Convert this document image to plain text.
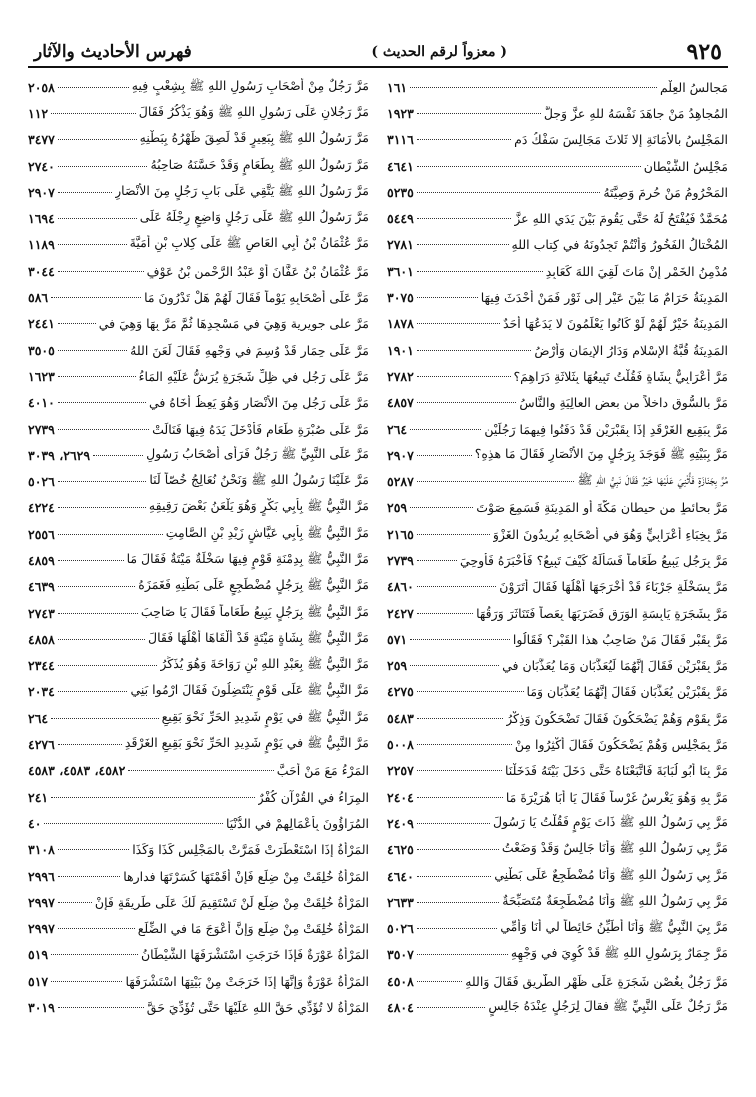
٩٢٥
( معزواً لرقم الحديث )
فهرس الأحاديث والآثار
مَجالسُ العِلْمِ
١٦١
المُجاهِدُ مَنْ جاهَدَ نَفْسَهُ للهِ عزَّ وَجلَّ
١٩٢٣
المَجْلِسُ بالأمَانَةِ إلا ثَلاثَ مَجَالِسَ سَفْكُ دَمٍ
٣١١٦
مَجْلِسُ الشَّيْطانِ
٤٦٤١
المَحْرُومُ مَنْ حُرِمَ وَصِيَّتَهُ
٥٢٣٥
مُحَمَّدٌ فَيُفْتَحُ لَهُ حَتَّى يَقُومَ بَيْنَ يَدَيِ اللهِ عزَّ
٥٤٤٩
المُخْتالُ الفَخُورُ وَأَنْتُمْ تَجِدُونَهُ في كِتابِ اللهِ
٢٧٨١
مُدْمِنُ الخَمْرِ إنْ مَاتَ لَقِيَ اللهَ كَعَابِدِ
٣٦٠١
المَدِينَةُ حَرَامٌ مَا بَيْنَ عَيْرٍ إلى ثَوْرٍ فَمَنْ أَحْدَثَ فِيهَا
٣٠٧٥
المَدِينَةُ خَيْرٌ لَهُمْ لَوْ كَانُوا يَعْلَمُونَ لا يَدَعُهَا أَحَدٌ
١٨٧٨
المَدِينَةُ قُبَّةُ الإسْلامِ وَدَارُ الإيمَانِ وَأَرْضُ
١٩٠١
مَرَّ أَعْرَابِيٌّ بِشَاةٍ فَقُلْتُ تَبِيعُهَا بِثَلاثَةِ دَرَاهِمَ؟
٢٧٨٢
مَرَّ بالسُّوقِ داخلاً من بعضِ العالِيَةِ والنَّاسُ
٤٨٥٧
مَرَّ بِبَقِيعِ الغَرْقَدِ إِذَا بِقَبْرَيْنِ قَدْ دَفَنُوا فِيهِمَا رَجُلَيْنِ
٢٦٤
مَرَّ بِبَيْتِهِ ﷺ فَوَجَدَ بِرَجُلٍ مِنَ الأنْصَارِ فَقَالَ مَا هذِهِ؟
٢٩٠٧
مُرَّ بِجَنَازَةٍ فَأُثْنِيَ عَلَيْهَا خَيْرٌ فَقَالَ نَبِيُّ اللهِ ﷺ
٥٢٨٧
مَرَّ بحائطٍ من حيطانِ مَكَّةَ أو المَدِينَةِ فَسَمِعَ صَوْتَ
٢٥٩
مَرَّ بِخِبَاءِ أَعْرَابِيٍّ وَهُوَ في أَصْحَابِهِ يُرِيدُونَ الغَزْوَ
٢١٦٥
مَرَّ بِرَجُلٍ يَبِيعُ طَعَاماً فَسَأَلَهُ كَيْفَ تَبِيعُ؟ فَأَخْبَرَهُ فَأُوحِيَ
٢٧٣٩
مَرَّ بِسَخْلَةٍ جَرْبَاءَ قَدْ أَخْرَجَهَا أَهْلُهَا فَقَالَ أَتَرَوْنَ
٤٨٦٠
مَرَّ بِشَجَرَةٍ يَابِسَةِ الوَرَقِ فَضَرَبَهَا بِعَصاً فَتَنَاثَرَ وَرَقُهَا
٢٤٢٧
مَرَّ بِقَبْرٍ فَقَالَ مَنْ صَاحِبُ هذا القَبْرِ؟ فَقَالُوا
٥٧١
مَرَّ بِقَبْرَيْنِ فَقَالَ إِنَّهُمَا لَيُعَذَّبَانِ وَمَا يُعَذَّبَانِ في
٢٥٩
مَرَّ بِقَبْرَيْنِ يُعَذَّبَانِ فَقَالَ إِنَّهُمَا يُعَذَّبَانِ وَمَا
٤٢٧٥
مَرَّ بِقَوْمٍ وَهُمْ يَضْحَكُونَ فَقَالَ تَضْحَكُونَ وَذِكْرُ
٥٤٨٣
مَرَّ بِمَجْلِسٍ وَهُمْ يَضْحَكُونَ فَقَالَ أَكْثِرُوا مِنْ
٥٠٠٨
مَرَّ بِنَا أَبُو لُبَابَةَ فَاتَّبَعْنَاهُ حَتَّى دَخَلَ بَيْتَهُ فَدَخَلْنَا
٢٢٥٧
مَرَّ بِهِ وَهُوَ يَغْرِسُ غَرْساً فَقَالَ يَا أَبَا هُرَيْرَةَ مَا
٢٤٠٤
مَرَّ بِي رَسُولُ اللهِ ﷺ ذَاتَ يَوْمٍ فَقُلْتُ يَا رَسُولَ
٢٤٠٩
مَرَّ بِي رَسُولُ اللهِ ﷺ وَأَنَا جَالِسٌ وَقَدْ وَضَعْتُ
٤٦٢٥
مَرَّ بِي رَسُولُ اللهِ ﷺ وَأَنَا مُضْطَجِعٌ عَلَى بَطْنِي
٤٦٤٠
مَرَّ بِي رَسُولُ اللهِ ﷺ وَأَنَا مُضْطَجِعَةٌ مُتَصَبِّحَةٌ
٢٦٣٣
مَرَّ بِيَ النَّبِيُّ ﷺ وَأَنَا أُطَيِّنُ حَائِطاً لي أَنَا وَأُمِّي
٥٠٢٦
مَرَّ جِمَارٌ بِرَسُولِ اللهِ ﷺ قَدْ كُوِيَ في وَجْهِهِ
٣٥٠٧
مَرَّ رَجُلٌ بِغُصْنِ شَجَرَةٍ عَلَى ظَهْرِ الطَّرِيقِ فَقَالَ وَاللهِ
٤٥٠٨
مَرَّ رَجُلٌ عَلَى النَّبِيِّ ﷺ فقالَ لِرَجُلٍ عِنْدَهُ جَالِسٍ
٤٨٠٤
مَرَّ رَجُلٌ مِنْ أَصْحَابِ رَسُولِ اللهِ ﷺ بِشِعْبٍ فِيهِ
٢٠٥٨
مَرَّ رَجُلانِ عَلَى رَسُولِ اللهِ ﷺ وَهُوَ يَذْكُرُ فَقَالَ
١١٢
مَرَّ رَسُولُ اللهِ ﷺ بِبَعِيرٍ قَدْ لَصِقَ ظَهْرُهُ بِبَطْنِهِ
٣٤٧٧
مَرَّ رَسُولُ اللهِ ﷺ بِطَعَامٍ وَقَدْ حَسَّنَهُ صَاحِبُهُ
٢٧٤٠
مَرَّ رَسُولُ اللهِ ﷺ يَتَّقِي عَلَى بَابِ رَجُلٍ مِنَ الأنْصَارِ
٢٩٠٧
مَرَّ رَسُولُ اللهِ ﷺ عَلَى رَجُلٍ وَاضِعٍ رِجْلَهُ عَلَى
١٦٩٤
مَرَّ عُثْمَانُ بْنُ أَبِي العَاصِ ﷺ عَلَى كِلابِ بْنِ أُمَيَّةَ
١١٨٩
مَرَّ عُثْمَانُ بْنُ عَفَّانَ أَوْ عَبْدُ الرَّحْمنِ بْنُ عَوْفٍ
٣٠٤٤
مَرَّ عَلَى أَصْحَابِهِ يَوْماً فَقَالَ لَهُمْ هَلْ تَدْرُونَ مَا
٥٨٦
مَرَّ على جويرية وَهِيَ في مَسْجِدِهَا ثُمَّ مَرَّ بِهَا وَهِيَ في
٢٤٤١
مَرَّ عَلَى حِمَارٍ قَدْ وُسِمَ في وَجْهِهِ فَقَالَ لَعَنَ اللهُ
٣٥٠٥
مَرَّ عَلَى رَجُلٍ في ظِلِّ شَجَرَةٍ يُرَشُّ عَلَيْهِ المَاءُ
١٦٢٣
مَرَّ عَلَى رَجُلٍ مِنَ الأنْصَارِ وَهُوَ يَعِظُ أَخَاهُ في
٤٠١٠
مَرَّ عَلَى صُبْرَةِ طَعَامٍ فَأَدْخَلَ يَدَهُ فِيهَا فَنَالَتْ
٢٧٣٩
مَرَّ عَلَى النَّبِيِّ ﷺ رَجُلٌ فَرَأَى أَصْحَابُ رَسُولِ
٢٦٢٩، ٣٠٣٩
مَرَّ عَلَيْنَا رَسُولُ اللهِ ﷺ وَنَحْنُ نُعَالِجُ خُصّاً لَنَا
٥٠٢٦
مَرَّ النَّبِيُّ ﷺ بِأَبِي بَكْرٍ وَهُوَ يَلْعَنُ بَعْضَ رَقِيقِهِ
٤٢٢٤
مَرَّ النَّبِيُّ ﷺ بِأَبِي عَيَّاشٍ زَيْدِ بْنِ الصَّامِتِ
٢٥٥٦
مَرَّ النَّبِيُّ ﷺ بِدِمْنَةِ قَوْمٍ فِيهَا سَخْلَةٌ مَيْتَةٌ فَقَالَ مَا
٤٨٥٩
مَرَّ النَّبِيُّ ﷺ بِرَجُلٍ مُضْطَجِعٍ عَلَى بَطْنِهِ فَغَمَزَهُ
٤٦٣٩
مَرَّ النَّبِيُّ ﷺ بِرَجُلٍ يَبِيعُ طَعَاماً فَقَالَ يَا صَاحِبَ
٢٧٤٣
مَرَّ النَّبِيُّ ﷺ بِشَاةٍ مَيْتَةٍ قَدْ أَلْقَاهَا أَهْلُهَا فَقَالَ
٤٨٥٨
مَرَّ النَّبِيُّ ﷺ بِعَبْدِ اللهِ بْنِ رَوَاحَةَ وَهُوَ يُذَكِّرُ
٢٣٤٤
مَرَّ النَّبِيُّ ﷺ عَلَى قَوْمٍ يَنْتَضِلُونَ فَقَالَ ارْمُوا بَنِي
٢٠٣٤
مَرَّ النَّبِيُّ ﷺ في يَوْمٍ شَدِيدِ الحَرِّ نَحْوَ بَقِيعِ
٢٦٤
مَرَّ النَّبِيُّ ﷺ في يَوْمٍ شَدِيدِ الحَرِّ نَحْوَ بَقِيعِ الغَرْقَدِ
٤٢٧٦
المَرْءُ مَعَ مَنْ أَحَبَّ
٤٥٨٢، ٤٥٨٣، ٤٥٨٣
المِرَاءُ في القُرْآنِ كُفْرٌ
٢٤١
المُرَاؤُونَ بِأَعْمَالِهِمْ في الدُّنْيَا
٤٠
المَرْأَةُ إِذَا اسْتَعْطَرَتْ فَمَرَّتْ بالمَجْلِسِ كَذَا وَكَذَا
٣١٠٨
المَرْأَةُ خُلِقَتْ مِنْ ضِلَعٍ فَإِنْ أَقَمْتَهَا كَسَرْتَهَا فدارها
٢٩٩٦
المَرْأَةُ خُلِقَتْ مِنْ ضِلَعٍ لَنْ تَسْتَقِيمَ لَكَ عَلَى طَرِيقَةٍ فَإِنْ
٢٩٩٧
المَرْأَةُ خُلِقَتْ مِنْ ضِلَعٍ وَإِنَّ أَعْوَجَ مَا في الضِّلَعِ
٢٩٩٧
المَرْأَةُ عَوْرَةٌ فَإِذَا خَرَجَتِ اسْتَشْرَفَهَا الشَّيْطَانُ
٥١٩
المَرْأَةُ عَوْرَةٌ وَإِنَّهَا إِذَا خَرَجَتْ مِنْ بَيْتِهَا اسْتَشْرَفَهَا
٥١٧
المَرْأَةُ لا تُؤَدِّي حَقَّ اللهِ عَلَيْهَا حَتَّى تُؤَدِّيَ حَقَّ
٣٠١٩
